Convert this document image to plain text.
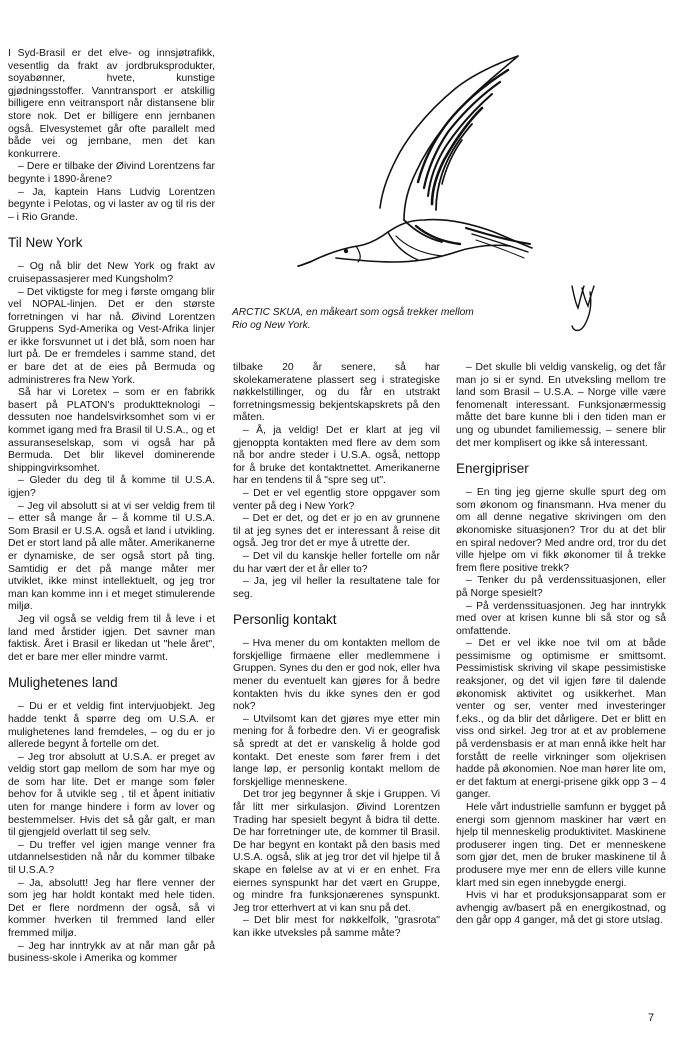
I Syd-Brasil er det elve- og innsjøtrafikk, vesentlig da frakt av jordbruksprodukter, soyabønner, hvete, kunstige gjødningsstoffer. Vanntransport er atskillig billigere enn veitransport når distansene blir store nok. Det er billigere enn jernbanen også. Elvesystemet går ofte parallelt med både vei og jernbane, men det kan konkurrere.

– Dere er tilbake der Øivind Lorentzens far begynte i 1890-årene?

– Ja, kaptein Hans Ludvig Lorentzen begynte i Pelotas, og vi laster av og til ris der – i Rio Grande.

Til New York

– Og nå blir det New York og frakt av cruisepassasjerer med Kungsholm?

– Det viktigste for meg i første omgang blir vel NOPAL-linjen. Det er den største forretningen vi har nå. Øivind Lorentzen Gruppens Syd-Amerika og Vest-Afrika linjer er ikke forsvunnet ut i det blå, som noen har lurt på. De er fremdeles i samme stand, det er bare det at de eies på Bermuda og administreres fra New York.

Så har vi Loretex – som er en fabrikk basert på PLATON's produktteknologi – dessuten noe handelsvirksomhet som vi er kommet igang med fra Brasil til U.S.A., og et assuranseselskap, som vi også har på Bermuda. Det blir likevel dominerende shippingvirksomhet.

– Gleder du deg til å komme til U.S.A. igjen?

– Jeg vil absolutt si at vi ser veldig frem til – etter så mange år – å komme til U.S.A. Som Brasil er U.S.A. også et land i utvikling. Det er stort land på alle måter. Amerikanerne er dynamiske, de ser også stort på ting. Samtidig er det på mange måter mer utviklet, ikke minst intellektuelt, og jeg tror man kan komme inn i et meget stimulerende miljø.

Jeg vil også se veldig frem til å leve i et land med årstider igjen. Det savner man faktisk. Året i Brasil er likedan ut "hele året", det er bare mer eller mindre varmt.

Mulighetenes land

– Du er et veldig fint intervjuobjekt. Jeg hadde tenkt å spørre deg om U.S.A. er mulighetenes land fremdeles, – og du er jo allerede begynt å fortelle om det.

– Jeg tror absolutt at U.S.A. er preget av veldig stort gap mellom de som har mye og de som har lite. Det er mange som føler behov for å utvikle seg , til et åpent initiativ uten for mange hindere i form av lover og bestemmelser. Hvis det så går galt, er man til gjengjeld overlatt til seg selv.

– Du treffer vel igjen mange venner fra utdannelsestiden nå når du kommer tilbake til U.S.A.?

– Ja, absolutt! Jeg har flere venner der som jeg har holdt kontakt med hele tiden. Det er flere nordmenn der også, så vi kommer hverken til fremmed land eller fremmed miljø.

– Jeg har inntrykk av at når man går på business-skole i Amerika og kommer

ARCTIC SKUA, en måkeart som også trekker mellom Rio og New York.

tilbake 20 år senere, så har skolekameratene plassert seg i strategiske nøkkelstillinger, og du får en utstrakt forretningsmessig bekjentskapskrets på den måten.

– Å, ja veldig! Det er klart at jeg vil gjenoppta kontakten med flere av dem som nå bor andre steder i U.S.A. også, nettopp for å bruke det kontaktnettet. Amerikanerne har en tendens til å "spre seg ut".

– Det er vel egentlig store oppgaver som venter på deg i New York?

– Det er det, og det er jo en av grunnene til at jeg synes det er interessant å reise dit også. Jeg tror det er mye å utrette der.

– Det vil du kanskje heller fortelle om når du har vært der et år eller to?

– Ja, jeg vil heller la resultatene tale for seg.

Personlig kontakt

– Hva mener du om kontakten mellom de forskjellige firmaene eller medlemmene i Gruppen. Synes du den er god nok, eller hva mener du eventuelt kan gjøres for å bedre kontakten hvis du ikke synes den er god nok?

– Utvilsomt kan det gjøres mye etter min mening for å forbedre den. Vi er geografisk så spredt at det er vanskelig å holde god kontakt. Det eneste som fører frem i det lange løp, er personlig kontakt mellom de forskjellige menneskene.

Det tror jeg begynner å skje i Gruppen. Vi får litt mer sirkulasjon. Øivind Lorentzen Trading har spesielt begynt å bidra til dette. De har forretninger ute, de kommer til Brasil. De har begynt en kontakt på den basis med U.S.A. også, slik at jeg tror det vil hjelpe til å skape en følelse av at vi er en enhet. Fra eiernes synspunkt har det vært en Gruppe, og mindre fra funksjonærenes synspunkt. Jeg tror etterhvert at vi kan snu på det.

– Det blir mest for nøkkelfolk, "grasrota" kan ikke utveksles på samme måte?

– Det skulle bli veldig vanskelig, og det får man jo si er synd. En utveksling mellom tre land som Brasil – U.S.A. – Norge ville være fenomenalt interessant. Funksjonærmessig måtte det bare kunne bli i den tiden man er ung og ubundet familiemessig, – senere blir det mer komplisert og ikke så interessant.

Energipriser

– En ting jeg gjerne skulle spurt deg om som økonom og finansmann. Hva mener du om all denne negative skrivingen om den økonomiske situasjonen? Tror du at det blir en spiral nedover? Med andre ord, tror du det ville hjelpe om vi fikk økonomer til å trekke frem flere positive trekk?

– Tenker du på verdenssituasjonen, eller på Norge spesielt?

– På verdenssituasjonen. Jeg har inntrykk med over at krisen kunne bli så stor og så omfattende.

– Det er vel ikke noe tvil om at både pessimisme og optimisme er smittsomt. Pessimistisk skriving vil skape pessimistiske reaksjoner, og det vil igjen føre til dalende økonomisk aktivitet og usikkerhet. Man venter og ser, venter med investeringer f.eks., og da blir det dårligere. Det er blitt en viss ond sirkel. Jeg tror at et av problemene på verdensbasis er at man ennå ikke helt har forstått de reelle virkninger som oljekrisen hadde på økonomien. Noe man hører lite om, er det faktum at energi-prisene gikk opp 3 – 4 ganger.

Hele vårt industrielle samfunn er bygget på energi som gjennom maskiner har vært en hjelp til menneskelig produktivitet. Maskinene produserer ingen ting. Det er menneskene som gjør det, men de bruker maskinene til å produsere mye mer enn de ellers ville kunne klart med sin egen innebygde energi.

Hvis vi har et produksjonsapparat som er avhengig av/basert på en energikostnad, og den går opp 4 ganger, må det gi store utslag.

7
